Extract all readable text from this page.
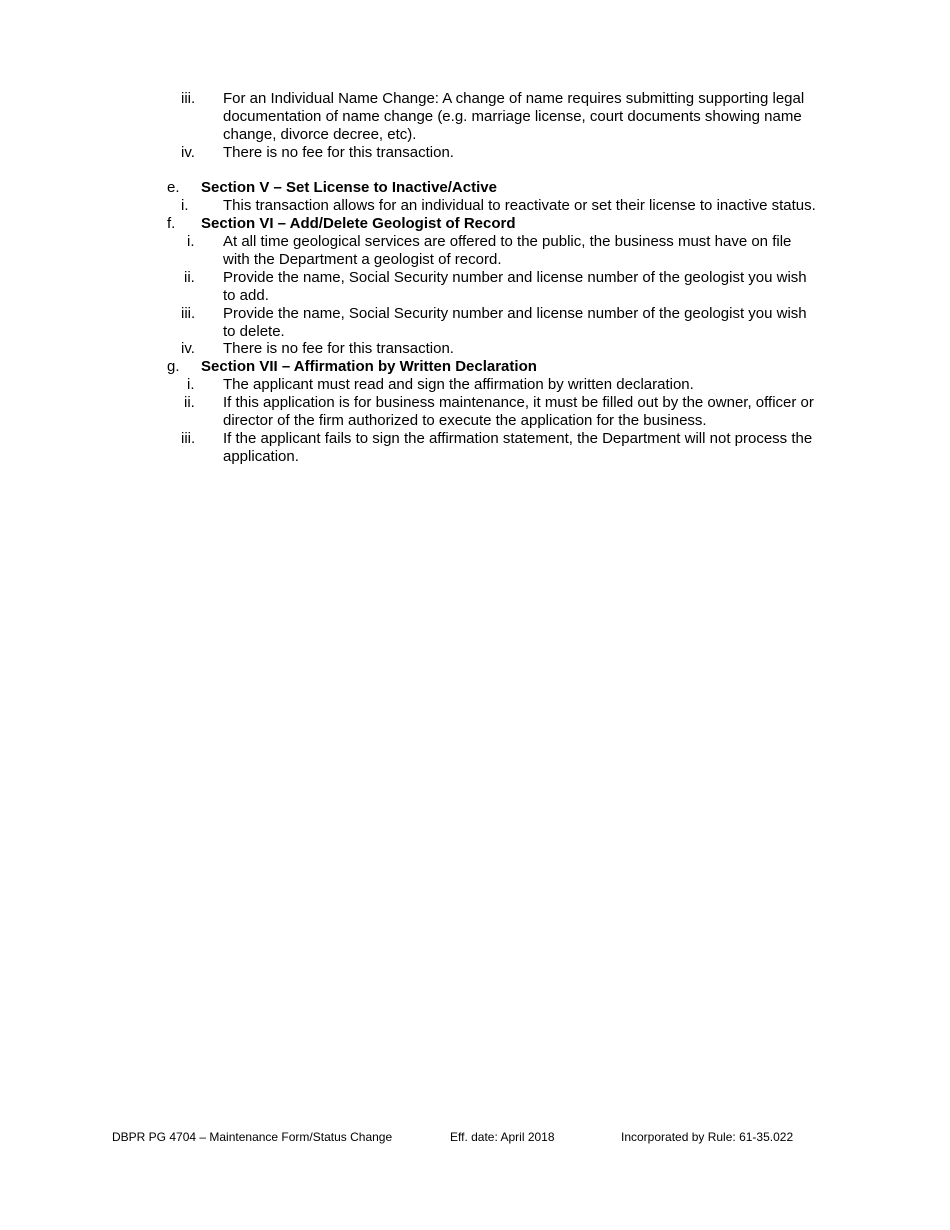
iii. For an Individual Name Change: A change of name requires submitting supporting legal
documentation of name change (e.g. marriage license, court documents showing name
change, divorce decree, etc).
iv. There is no fee for this transaction.
e. Section V – Set License to Inactive/Active
i. This transaction allows for an individual to reactivate or set their license to inactive status.
f. Section VI – Add/Delete Geologist of Record
i. At all time geological services are offered to the public, the business must have on file
with the Department a geologist of record.
ii. Provide the name, Social Security number and license number of the geologist you wish
to add.
iii. Provide the name, Social Security number and license number of the geologist you wish
to delete.
iv. There is no fee for this transaction.
g. Section VII – Affirmation by Written Declaration
i. The applicant must read and sign the affirmation by written declaration.
ii. If this application is for business maintenance, it must be filled out by the owner, officer or
director of the firm authorized to execute the application for the business.
iii. If the applicant fails to sign the affirmation statement, the Department will not process the
application.
DBPR PG 4704 – Maintenance Form/Status Change	Eff. date: April 2018	Incorporated by Rule: 61-35.022
